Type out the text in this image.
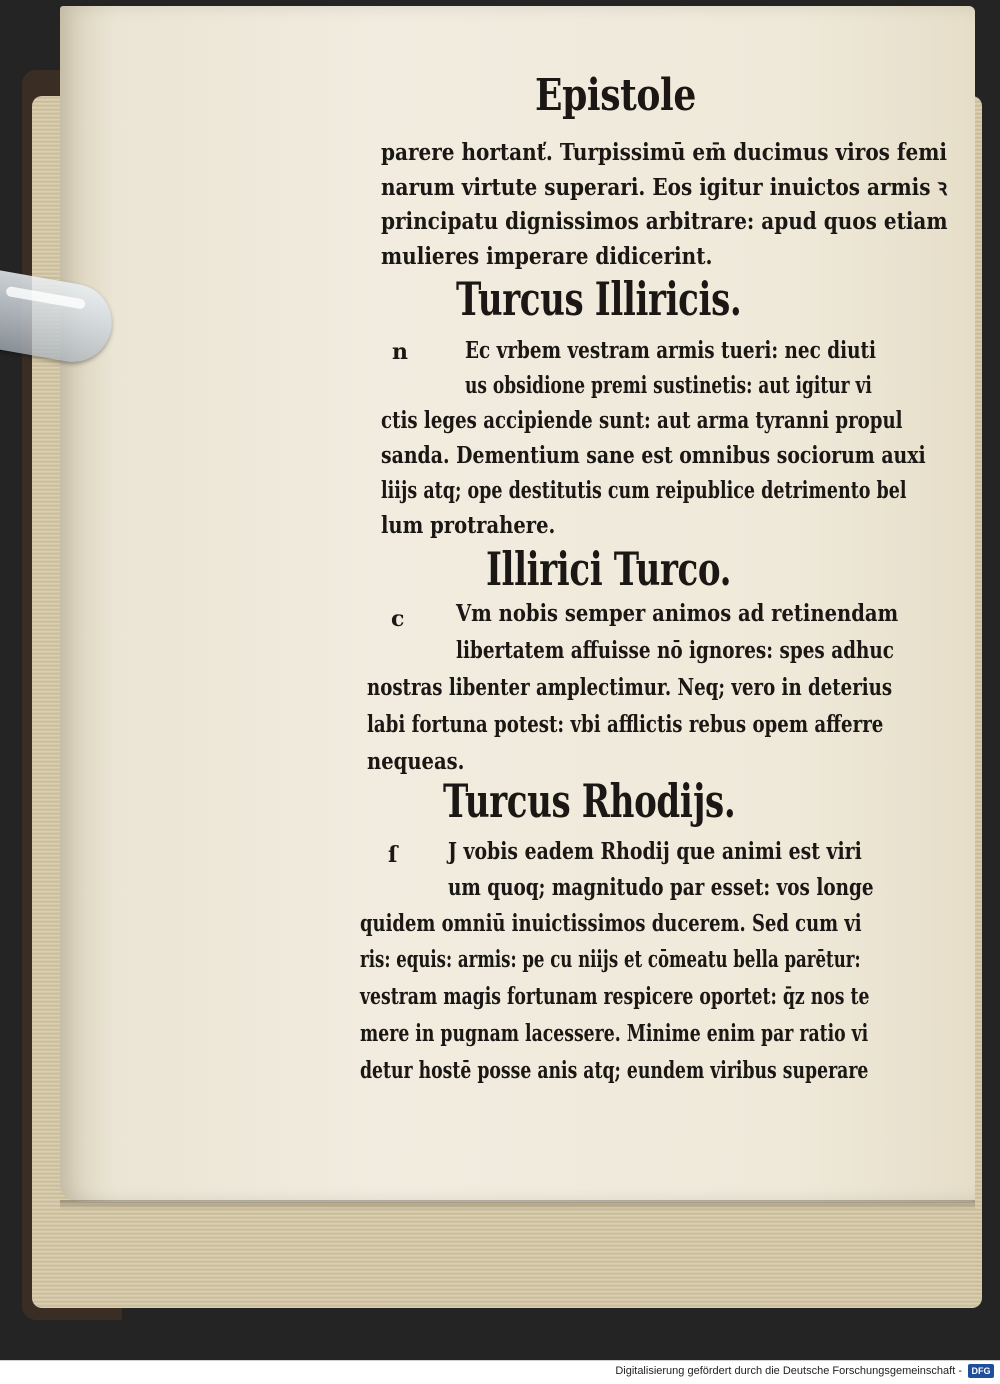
Epistole
parere hortanť. Turpissimū em̄ ducimus viros femi
narum virtute superari. Eos igitur inuictos armis ꝛ
principatu dignissimos arbitrare: apud quos etiam
mulieres imperare didicerint.
Turcus Illiricis.
n Ec vrbem vestram armis tueri: nec diuti
us obsidione premi sustinetis: aut igitur vi
ctis leges accipiende sunt: aut arma tyranni propul
sanda. Dementium sane est omnibus sociorum auxi
liĳs atq; ope destitutis cum reipublice detrimento bel
lum protrahere.
Illirici Turco.
c Vm nobis semper animos ad retinendam
libertatem affuisse nō ignores: spes adhuc
nostras libenter amplectimur. Neq; vero in deterius
labi fortuna potest: vbi afflictis rebus opem afferre
nequeas.
Turcus Rhodĳs.
ſ J vobis eadem Rhodĳ que animi est viri
um quoq; magnitudo par esset: vos longe
quidem omniū inuictissimos ducerem. Sed cum vi
ris: equis: armis: pe cu niĳs et cōmeatu bella parētur:
vestram magis fortunam respicere oportet: q̄z nos te
mere in pugnam lacessere. Minime enim par ratio vi
detur hostē posse anis atq; eundem viribus superare
Digitalisierung gefördert durch die Deutsche Forschungsgemeinschaft -	DFG
